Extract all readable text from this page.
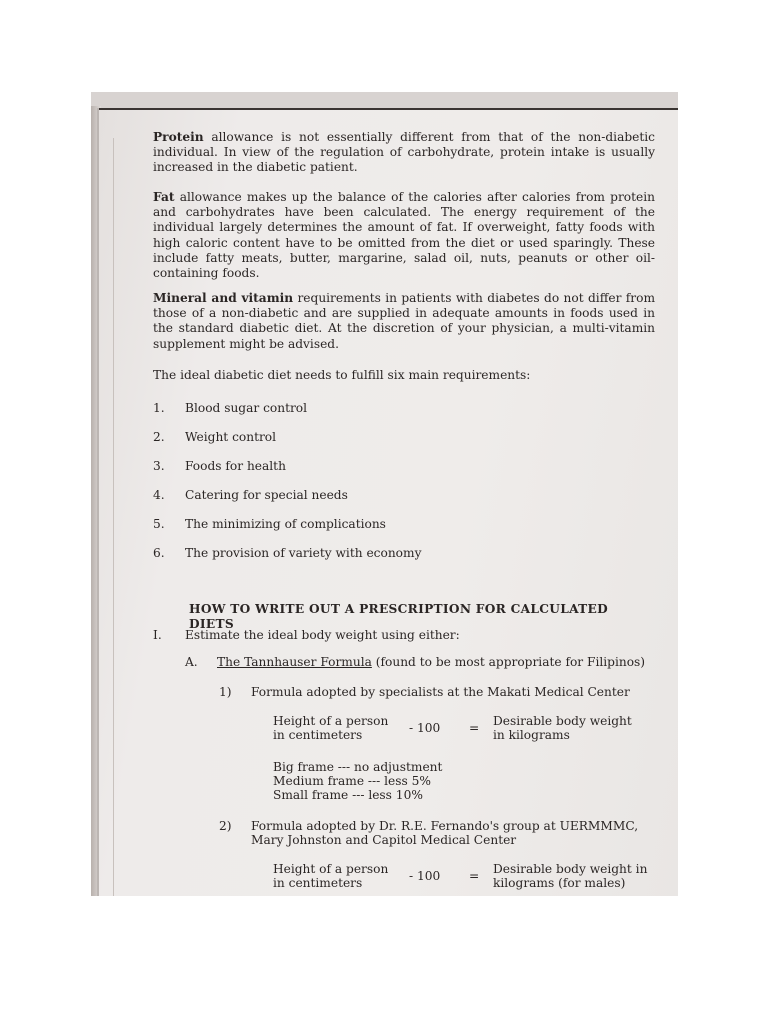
Protein allowance is not essentially different from that of the non-diabetic individual. In view of the regulation of carbohydrate, protein intake is usually increased in the diabetic patient.

Fat allowance makes up the balance of the calories after calories from protein and carbohydrates have been calculated. The energy requirement of the individual largely determines the amount of fat. If overweight, fatty foods with high caloric content have to be omitted from the diet or used sparingly. These include fatty meats, butter, margarine, salad oil, nuts, peanuts or other oil-containing foods.

Mineral and vitamin requirements in patients with diabetes do not differ from those of a non-diabetic and are supplied in adequate amounts in foods used in the standard diabetic diet. At the discretion of your physician, a multi-vitamin supplement might be advised.

The ideal diabetic diet needs to fulfill six main requirements:
1.	Blood sugar control
2.	Weight control
3.	Foods for health
4.	Catering for special needs
5.	The minimizing of complications
6.	The provision of variety with economy
HOW TO WRITE OUT A PRESCRIPTION FOR CALCULATED DIETS
I. Estimate the ideal body weight using either:
A. The Tannhauser Formula (found to be most appropriate for Filipinos)
1) Formula adopted by specialists at the Makati Medical Center
Height of a person
in centimeters	- 100 = Desirable body weight
in kilograms
Big frame --- no adjustment
Medium frame --- less 5%
Small frame --- less 10%
2) Formula adopted by Dr. R.E. Fernando's group at UERMMMC,
Mary Johnston and Capitol Medical Center
Height of a person
in centimeters	- 100 = Desirable body weight in
kilograms (for males)
